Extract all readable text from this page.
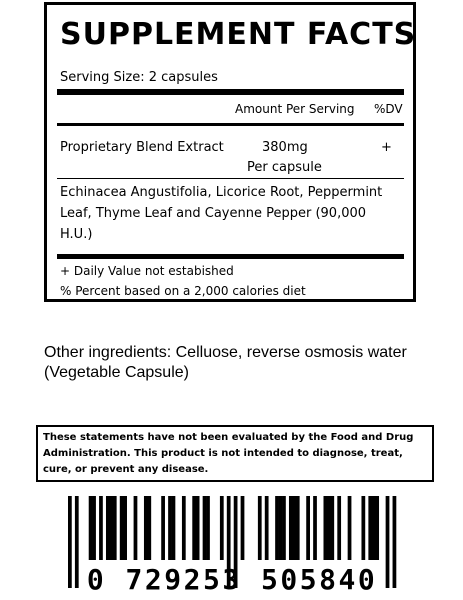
SUPPLEMENT FACTS
Serving Size: 2 capsules
Amount Per Serving %DV
Proprietary Blend Extract	380mg
Per capsule
+
Echinacea Angustifolia, Licorice Root, Peppermint Leaf, Thyme Leaf and Cayenne Pepper (90,000 H.U.)
+ Daily Value not estabished
% Percent based on a 2,000 calories diet
Other ingredients: Celluose, reverse osmosis water (Vegetable Capsule)
These statements have not been evaluated by the Food and Drug Administration. This product is not intended to diagnose, treat, cure, or prevent any disease.
0 729253 505840
